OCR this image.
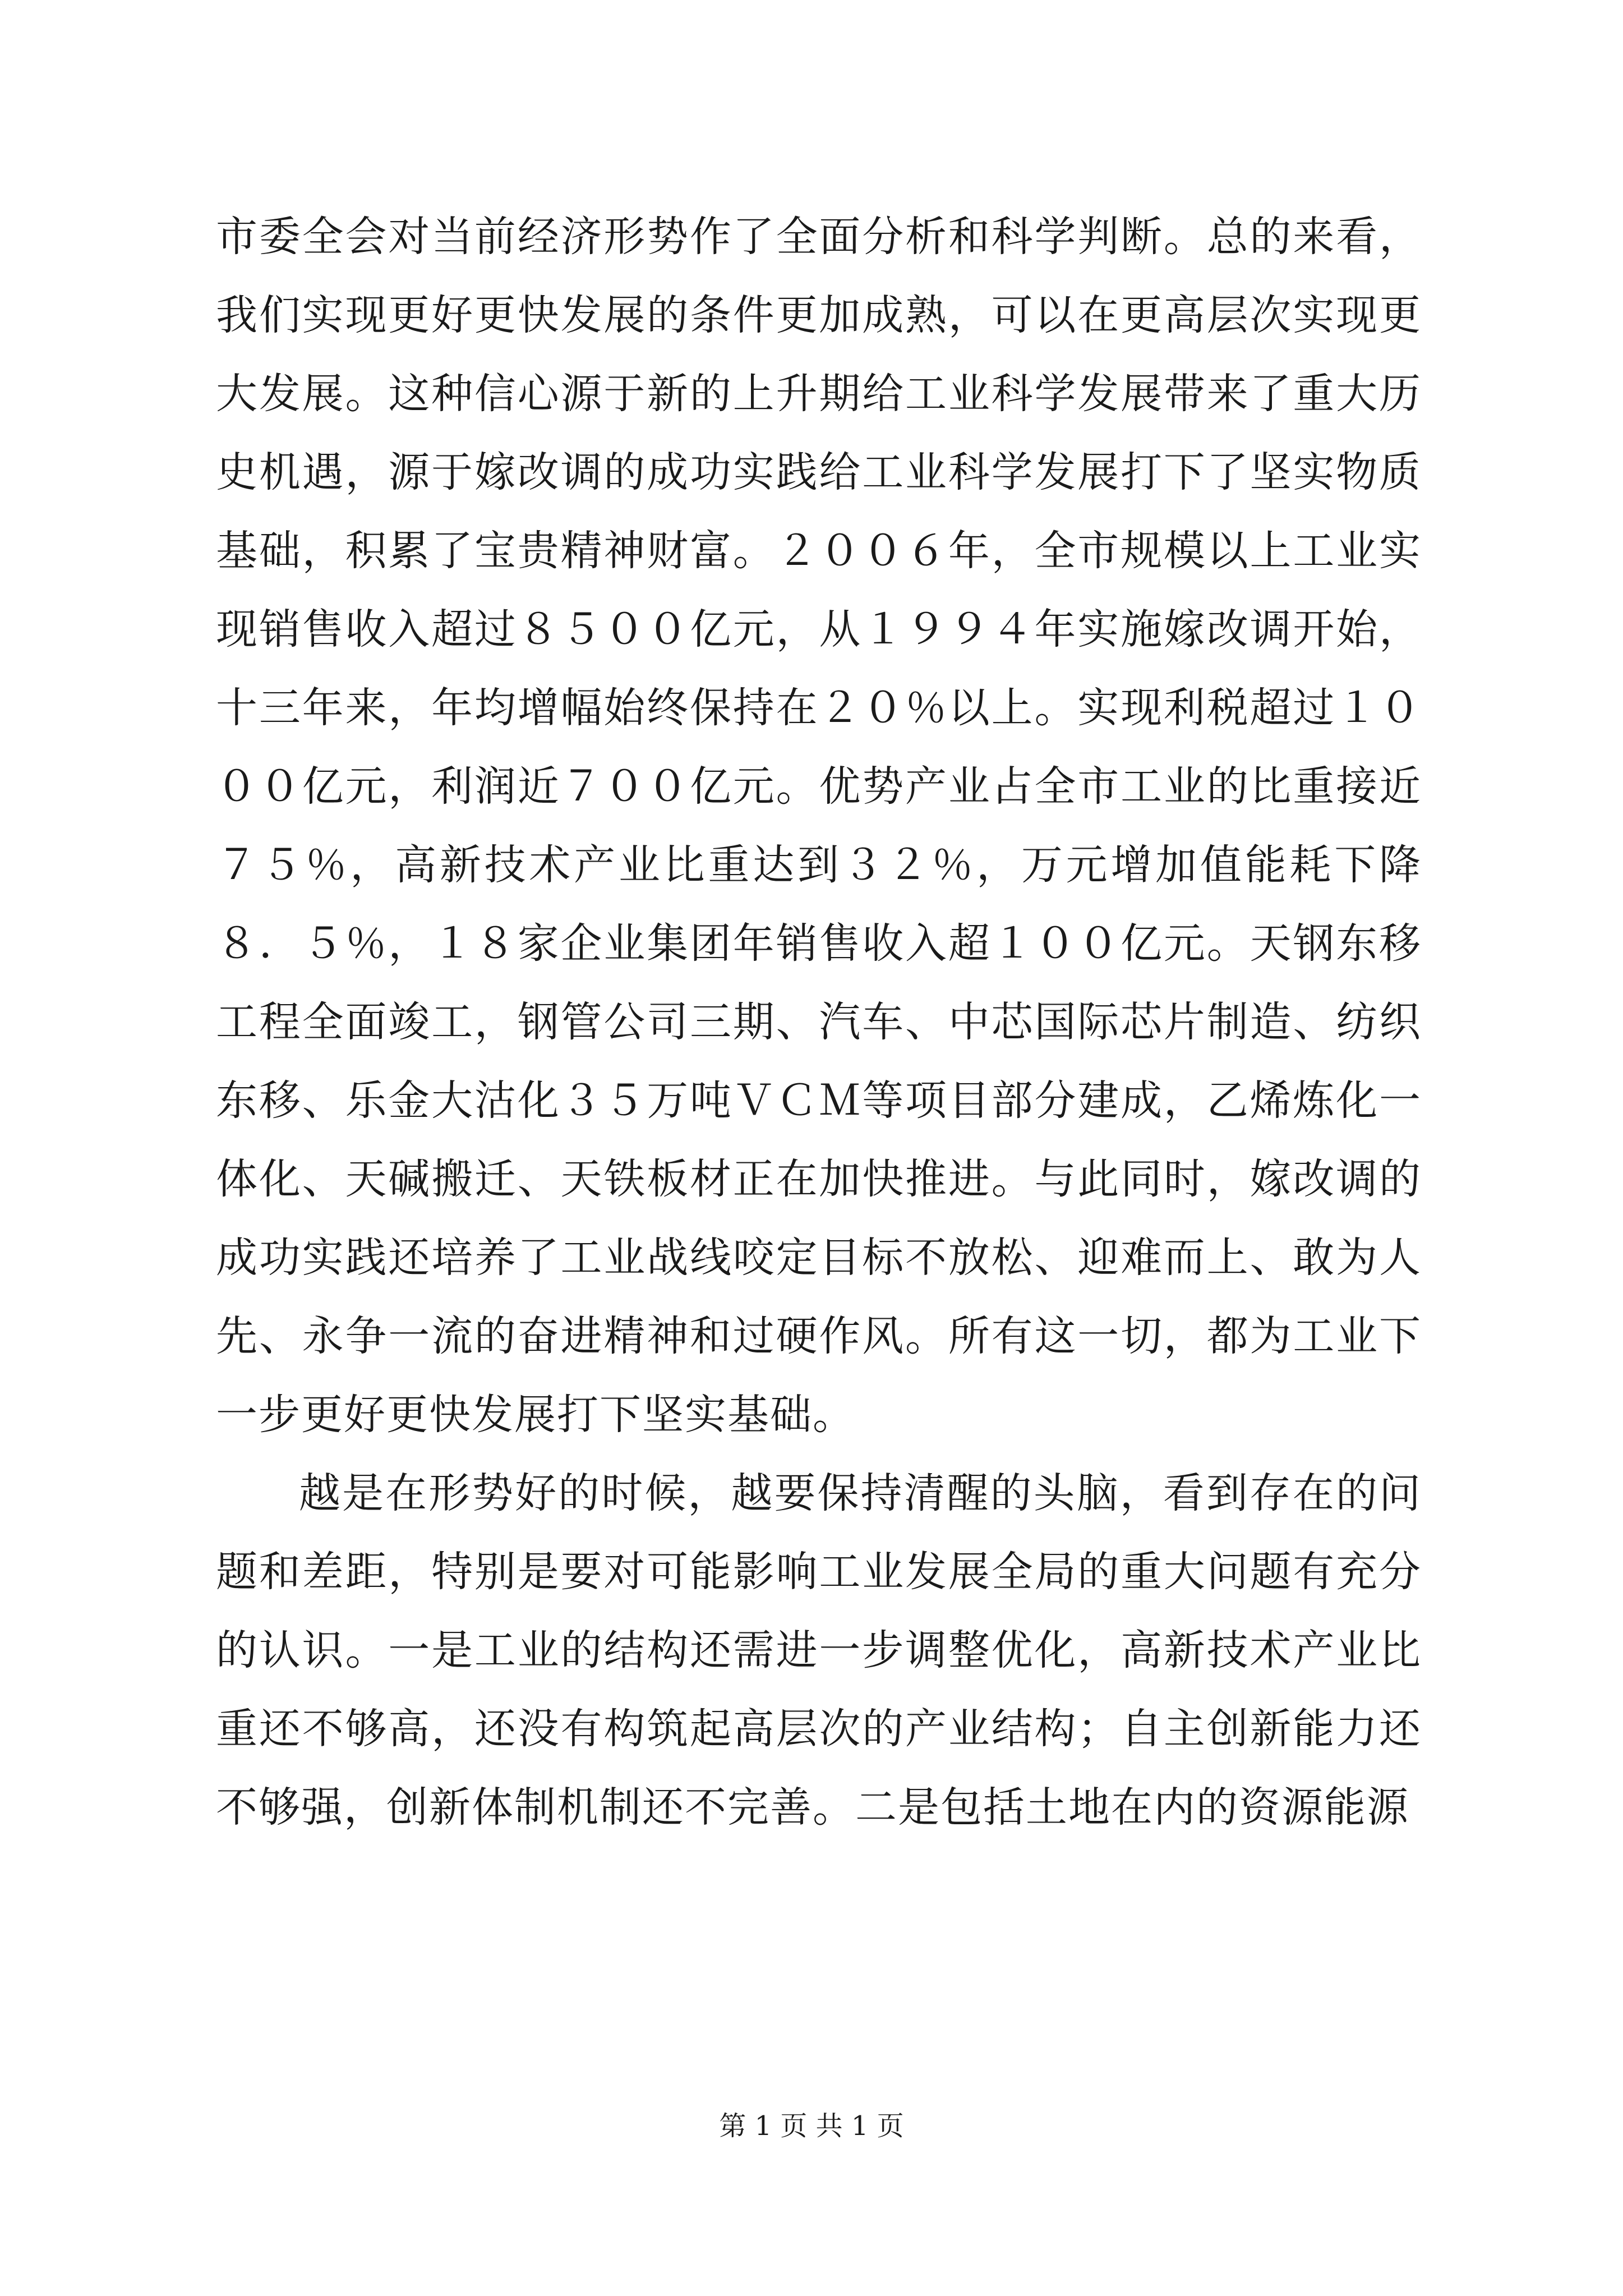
市委全会对当前经济形势作了全面分析和科学判断。总的来看，我们实现更好更快发展的条件更加成熟，可以在更高层次实现更大发展。这种信心源于新的上升期给工业科学发展带来了重大历史机遇，源于嫁改调的成功实践给工业科学发展打下了坚实物质基础，积累了宝贵精神财富。２００６年，全市规模以上工业实现销售收入超过８５００亿元，从１９９４年实施嫁改调开始，十三年来，年均增幅始终保持在２０％以上。实现利税超过１０００亿元，利润近７００亿元。优势产业占全市工业的比重接近７５％，高新技术产业比重达到３２％，万元增加值能耗下降８．５％，１８家企业集团年销售收入超１００亿元。天钢东移工程全面竣工，钢管公司三期、汽车、中芯国际芯片制造、纺织东移、乐金大沽化３５万吨ＶＣＭ等项目部分建成，乙烯炼化一体化、天碱搬迁、天铁板材正在加快推进。与此同时，嫁改调的成功实践还培养了工业战线咬定目标不放松、迎难而上、敢为人先、永争一流的奋进精神和过硬作风。所有这一切，都为工业下一步更好更快发展打下坚实基础。

越是在形势好的时候，越要保持清醒的头脑，看到存在的问题和差距，特别是要对可能影响工业发展全局的重大问题有充分的认识。一是工业的结构还需进一步调整优化，高新技术产业比重还不够高，还没有构筑起高层次的产业结构；自主创新能力还不够强，创新体制机制还不完善。二是包括土地在内的资源能源

第 1 页 共 1 页
